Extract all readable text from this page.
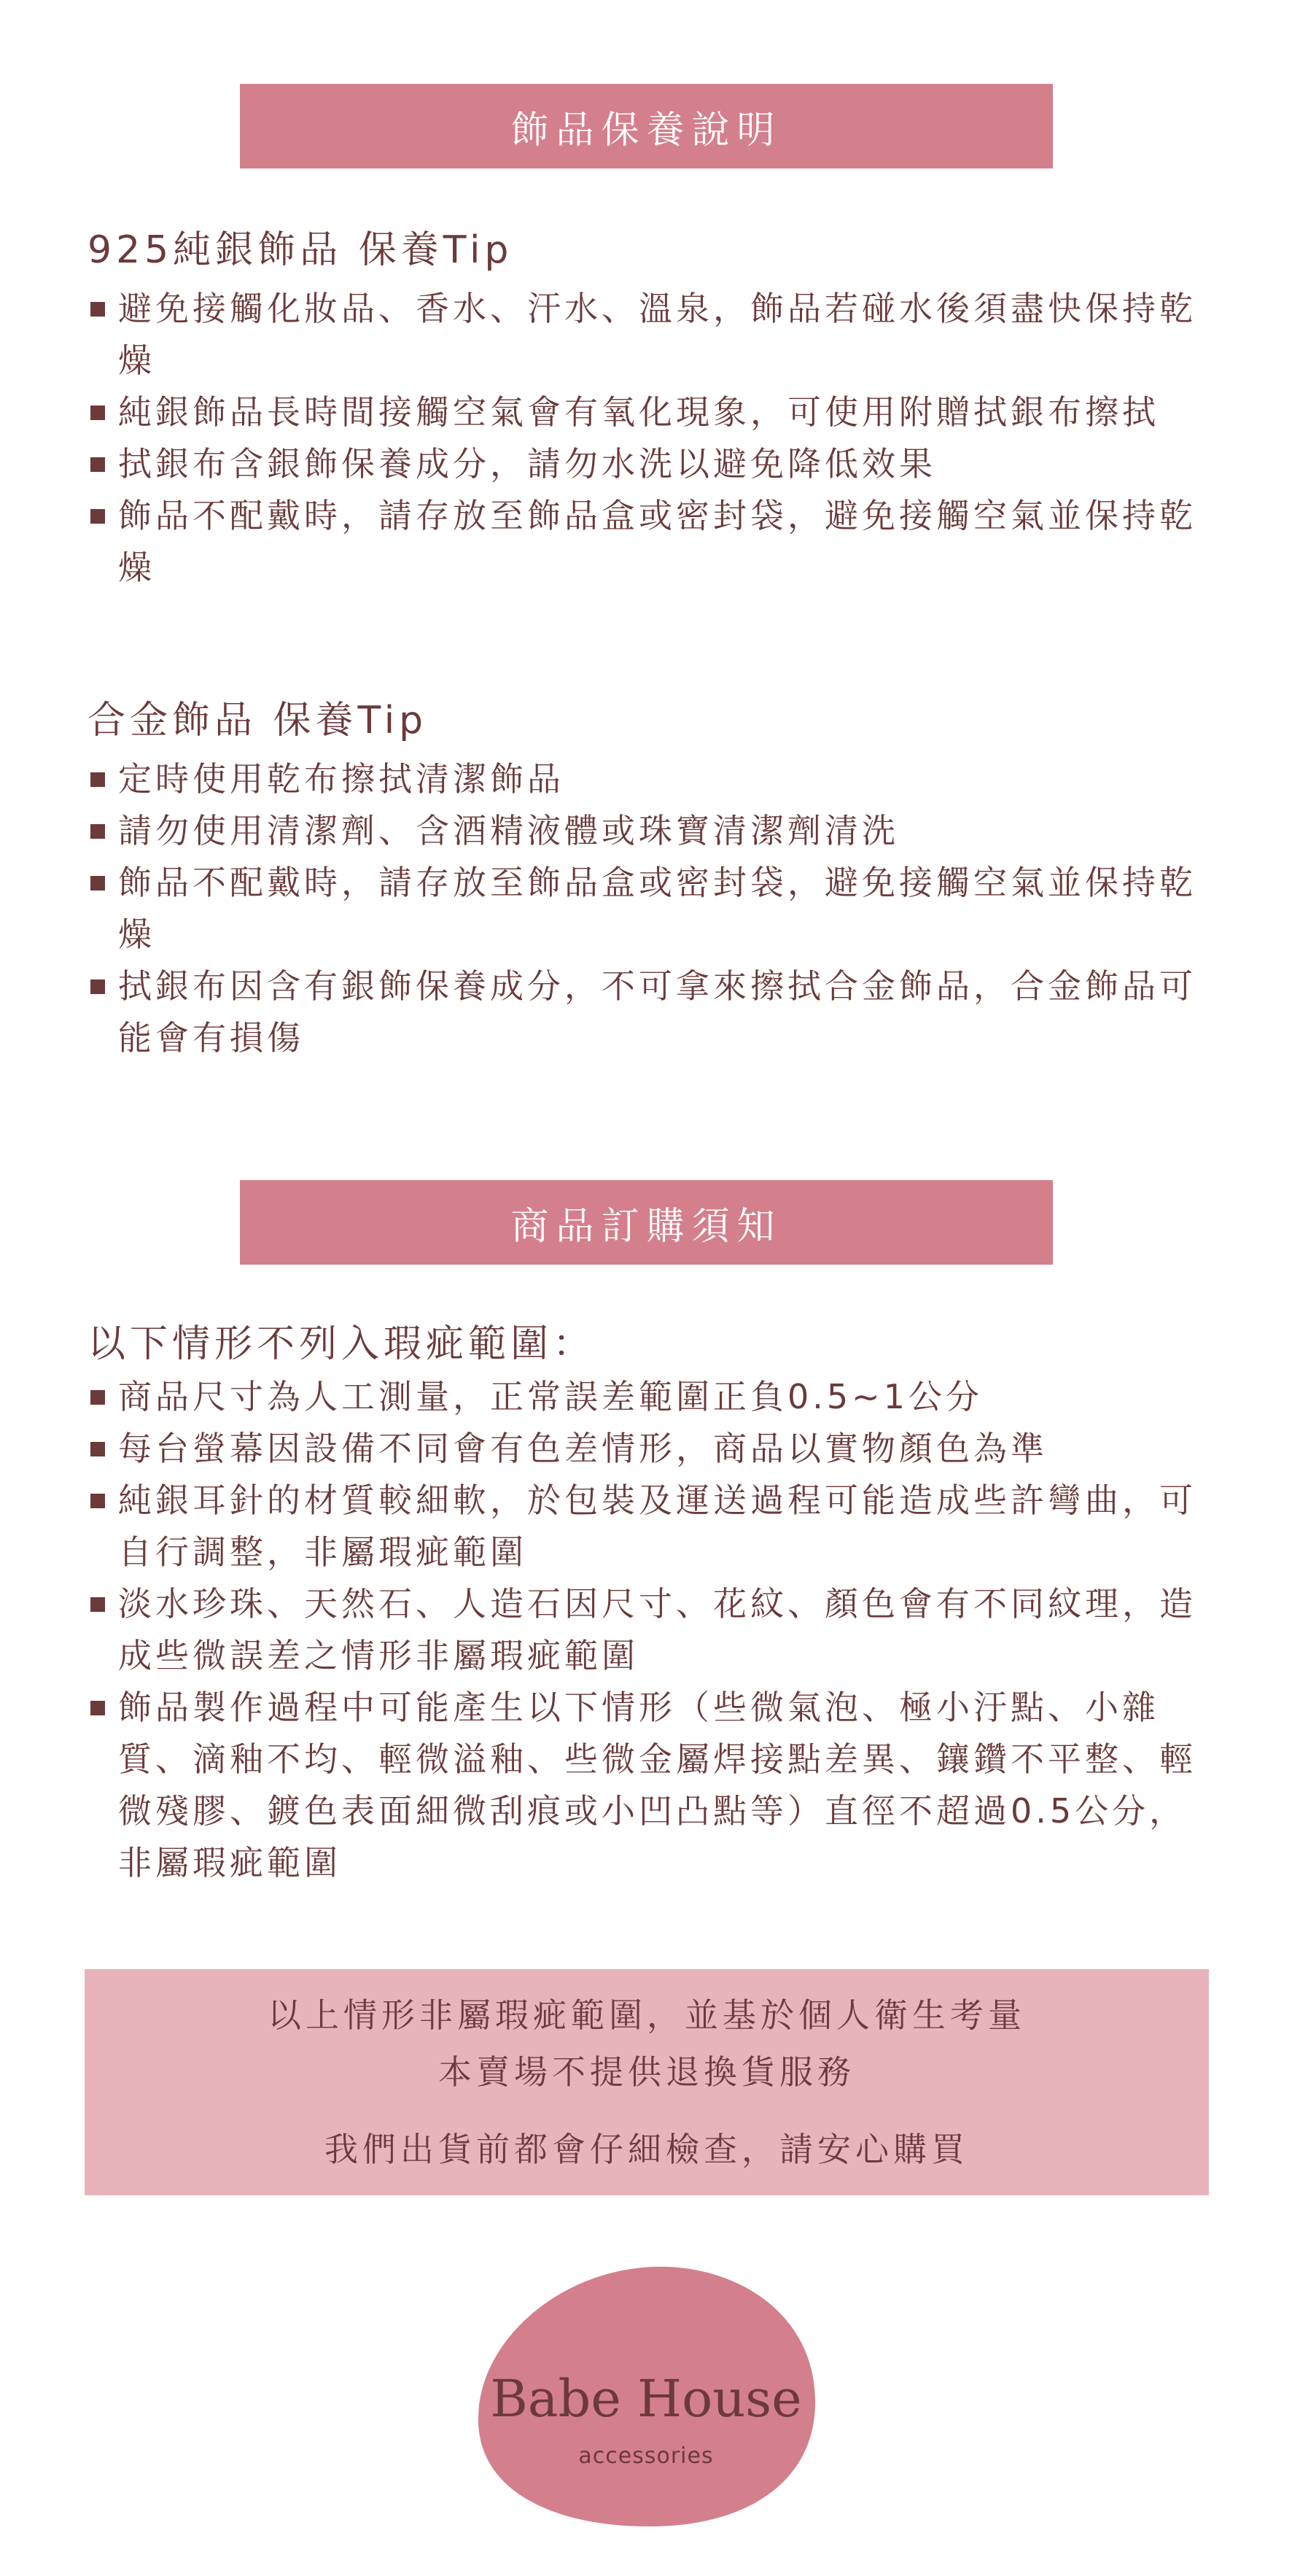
飾品保養說明
925純銀飾品 保養Tip
避免接觸化妝品、香水、汗水、溫泉，飾品若碰水後須盡快保持乾燥
純銀飾品長時間接觸空氣會有氧化現象，可使用附贈拭銀布擦拭
拭銀布含銀飾保養成分，請勿水洗以避免降低效果
飾品不配戴時，請存放至飾品盒或密封袋，避免接觸空氣並保持乾燥
合金飾品 保養Tip
定時使用乾布擦拭清潔飾品
請勿使用清潔劑、含酒精液體或珠寶清潔劑清洗
飾品不配戴時，請存放至飾品盒或密封袋，避免接觸空氣並保持乾燥
拭銀布因含有銀飾保養成分，不可拿來擦拭合金飾品，合金飾品可能會有損傷
商品訂購須知
以下情形不列入瑕疵範圍：
商品尺寸為人工測量，正常誤差範圍正負0.5~1公分
每台螢幕因設備不同會有色差情形，商品以實物顏色為準
純銀耳針的材質較細軟，於包裝及運送過程可能造成些許彎曲，可自行調整，非屬瑕疵範圍
淡水珍珠、天然石、人造石因尺寸、花紋、顏色會有不同紋理，造成些微誤差之情形非屬瑕疵範圍
飾品製作過程中可能產生以下情形（些微氣泡、極小汙點、小雜質、滴釉不均、輕微溢釉、些微金屬焊接點差異、鑲鑽不平整、輕微殘膠、鍍色表面細微刮痕或小凹凸點等）直徑不超過0.5公分，非屬瑕疵範圍
以上情形非屬瑕疵範圍，並基於個人衛生考量
本賣場不提供退換貨服務
我們出貨前都會仔細檢查，請安心購買
Babe House
accessories
